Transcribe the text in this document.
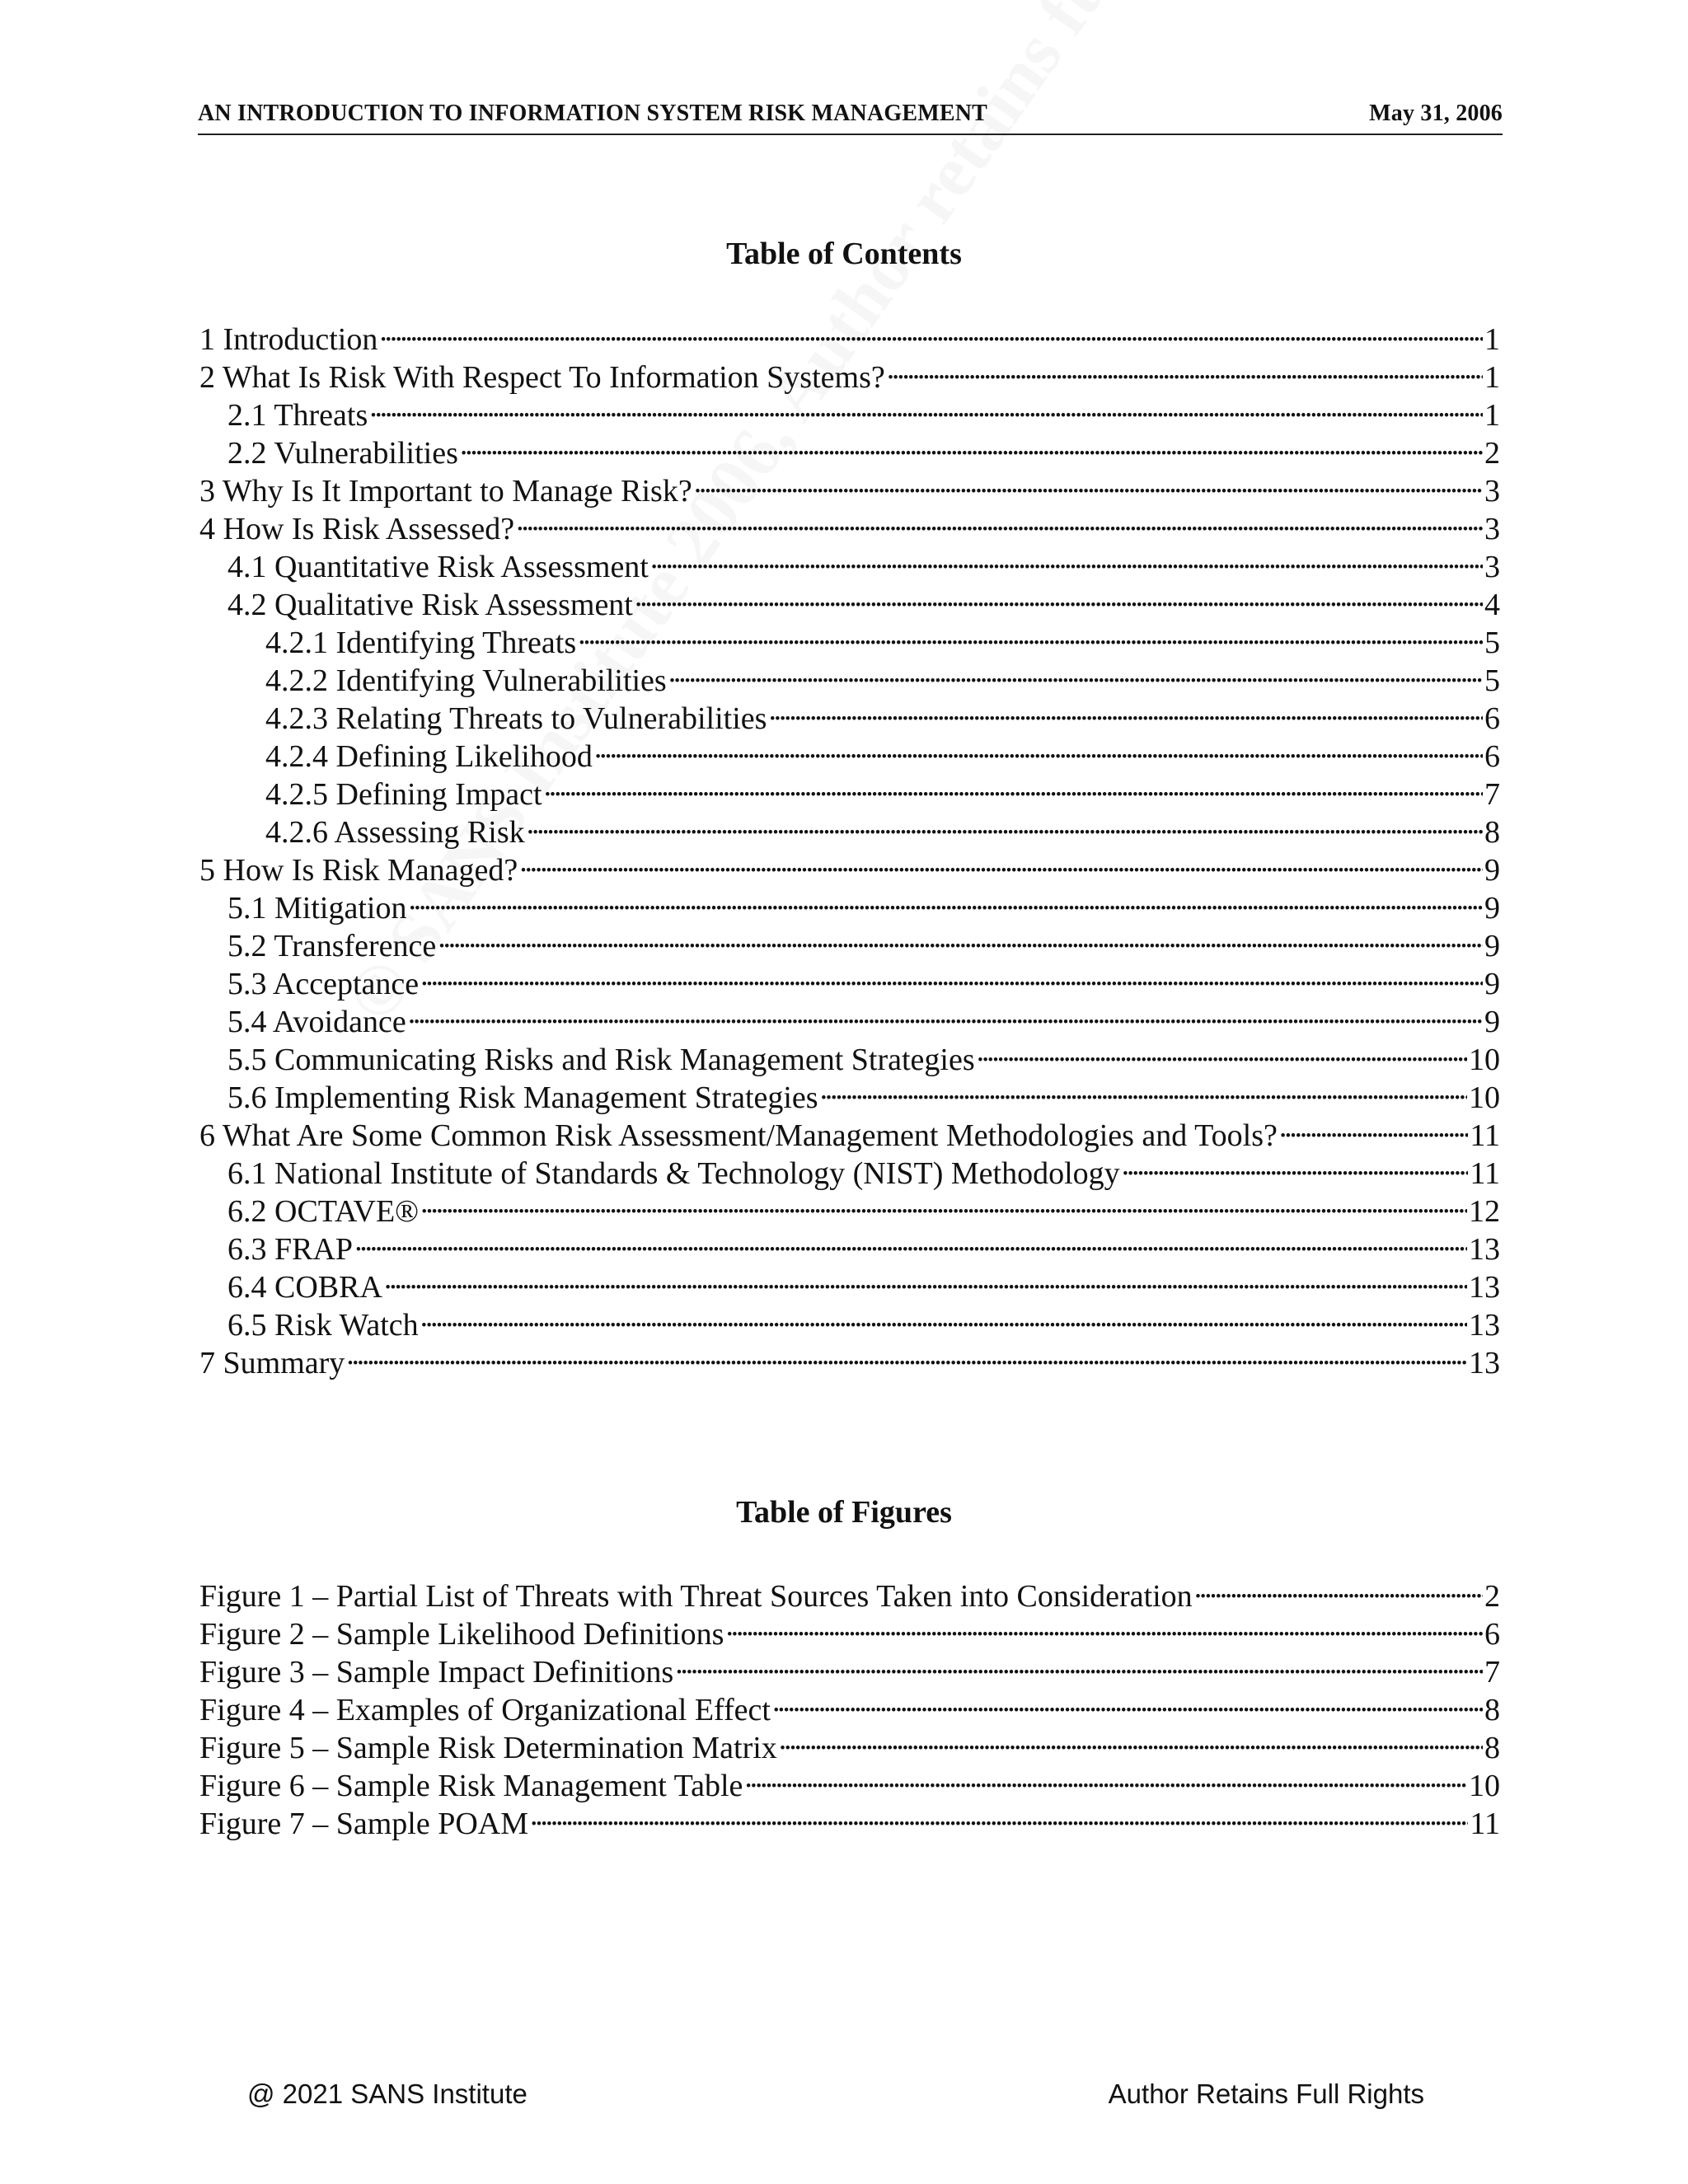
AN INTRODUCTION TO INFORMATION SYSTEM RISK MANAGEMENT	May 31, 2006
Table of Contents
1 Introduction . . .	1
2 What Is Risk With Respect To Information Systems? . . .	1
2.1 Threats . . .	1
2.2 Vulnerabilities . . .	2
3 Why Is It Important to Manage Risk? . . .	3
4 How Is Risk Assessed? . . .	3
4.1 Quantitative Risk Assessment . . .	3
4.2 Qualitative Risk Assessment . . .	4
4.2.1 Identifying Threats . . .	5
4.2.2 Identifying Vulnerabilities . . .	5
4.2.3 Relating Threats to Vulnerabilities . . .	6
4.2.4 Defining Likelihood . . .	6
4.2.5 Defining Impact . . .	7
4.2.6 Assessing Risk . . .	8
5 How Is Risk Managed? . . .	9
5.1 Mitigation . . .	9
5.2 Transference . . .	9
5.3 Acceptance . . .	9
5.4 Avoidance . . .	9
5.5 Communicating Risks and Risk Management Strategies . . .	10
5.6 Implementing Risk Management Strategies . . .	10
6 What Are Some Common Risk Assessment/Management Methodologies and Tools? . . .	11
6.1 National Institute of Standards & Technology (NIST) Methodology . . .	11
6.2 OCTAVE® . . .	12
6.3 FRAP . . .	13
6.4 COBRA . . .	13
6.5 Risk Watch . . .	13
7 Summary . . .	13
Table of Figures
Figure 1 – Partial List of Threats with Threat Sources Taken into Consideration . . .	2
Figure 2 – Sample Likelihood Definitions . . .	6
Figure 3 – Sample Impact Definitions . . .	7
Figure 4 – Examples of Organizational Effect . . .	8
Figure 5 – Sample Risk Determination Matrix . . .	8
Figure 6 – Sample Risk Management Table . . .	10
Figure 7 – Sample POAM . . .	11
@ 2021 SANS Institute	Author Retains Full Rights
